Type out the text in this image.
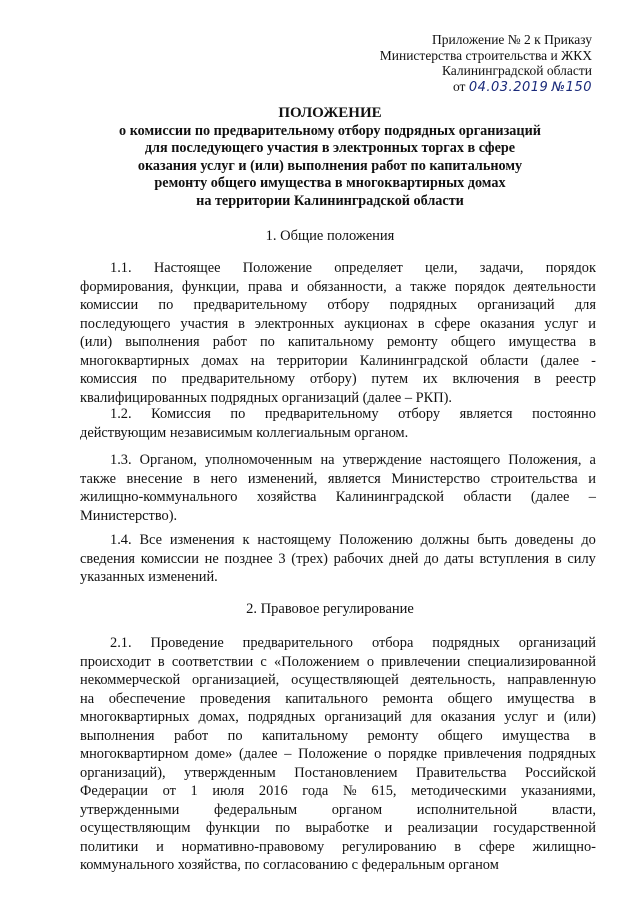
Приложение № 2 к Приказу
Министерства строительства и ЖКХ
Калининградской области
от 04.03.2019 №150
ПОЛОЖЕНИЕ
о комиссии по предварительному отбору подрядных организаций
для последующего участия в электронных торгах в сфере
оказания услуг и (или) выполнения работ по капитальному
ремонту общего имущества в многоквартирных домах
на территории Калининградской области
1. Общие положения
1.1. Настоящее Положение определяет цели, задачи, порядок
формирования, функции, права и обязанности, а также порядок деятельности
комиссии по предварительному отбору подрядных организаций для
последующего участия в электронных аукционах в сфере оказания услуг и
(или) выполнения работ по капитальному ремонту общего имущества в
многоквартирных домах на территории Калининградской области (далее -
комиссия по предварительному отбору) путем их включения в реестр
квалифицированных подрядных организаций (далее – РКП).
1.2. Комиссия по предварительному отбору является постоянно
действующим независимым коллегиальным органом.
1.3. Органом, уполномоченным на утверждение настоящего Положения, а
также внесение в него изменений, является Министерство строительства и
жилищно-коммунального хозяйства Калининградской области (далее –
Министерство).
1.4. Все изменения к настоящему Положению должны быть доведены до
сведения комиссии не позднее 3 (трех) рабочих дней до даты вступления в силу
указанных изменений.
2. Правовое регулирование
2.1. Проведение предварительного отбора подрядных организаций
происходит в соответствии с «Положением о привлечении специализированной
некоммерческой организацией, осуществляющей деятельность, направленную
на обеспечение проведения капитального ремонта общего имущества в
многоквартирных домах, подрядных организаций для оказания услуг и (или)
выполнения работ по капитальному ремонту общего имущества в
многоквартирном доме» (далее – Положение о порядке привлечения подрядных
организаций), утвержденным Постановлением Правительства Российской
Федерации от 1 июля 2016 года № 615, методическими указаниями,
утвержденными федеральным органом исполнительной власти,
осуществляющим функции по выработке и реализации государственной
политики и нормативно-правовому регулированию в сфере жилищно-
коммунального хозяйства, по согласованию с федеральным органом
